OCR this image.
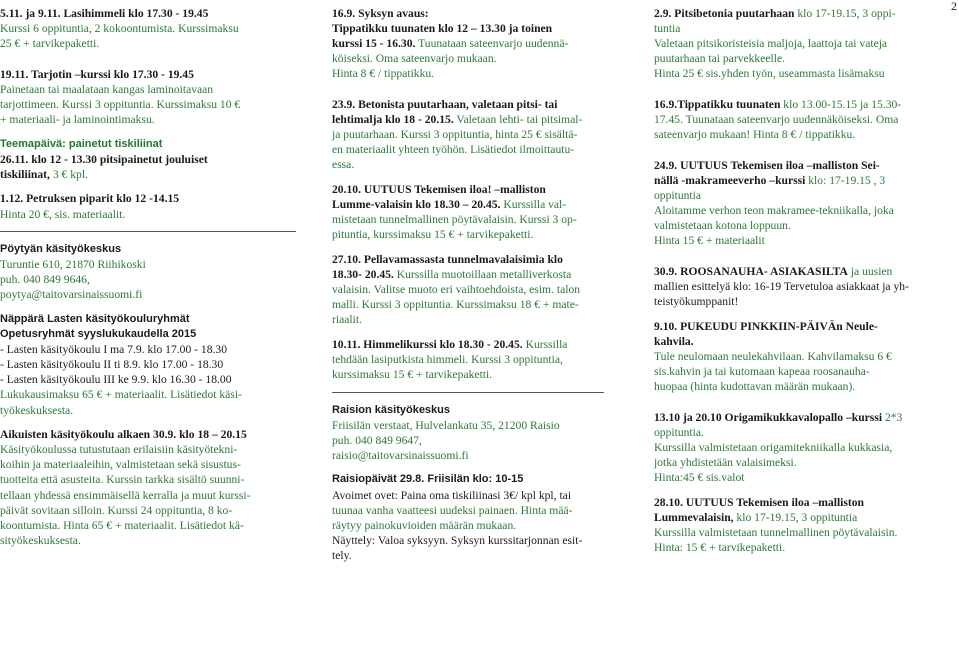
2

5.11. ja 9.11. Lasihimmeli klo 17.30 - 19.45

Kurssi 6 oppituntia, 2 kokoontumista. Kurssimaksu

25 € + tarvikepaketti.

19.11. Tarjotin –kurssi klo 17.30 - 19.45

Painetaan tai maalataan kangas laminoitavaan

tarjottimeen. Kurssi 3 oppituntia. Kurssimaksu 10 €

+ materiaali- ja laminointimaksu.

Teemapäivä: painetut tiskiliinat

26.11. klo 12 - 13.30 pitsipainetut jouluiset

tiskiliinat, 3 € kpl.

1.12. Petruksen piparit klo 12 -14.15

Hinta 20 €, sis. materiaalit.

Pöytyän käsityökeskus

Turuntie 610, 21870 Riihikoski

puh. 040 849 9646,

poytya@taitovarsinaissuomi.fi

Näppärä Lasten käsityökouluryhmät

Opetusryhmät syyslukukaudella 2015

- Lasten käsityökoulu I ma 7.9. klo 17.00 - 18.30

- Lasten käsityökoulu II ti 8.9. klo 17.00 - 18.30

- Lasten käsityökoulu III ke 9.9. klo 16.30 - 18.00

Lukukausimaksu 65 € + materiaalit. Lisätiedot käsi-

työkeskuksesta.

Aikuisten käsityökoulu alkaen 30.9. klo 18 – 20.15

Käsityökoulussa tutustutaan erilaisiin käsityötekni-

koihin ja materiaaleihin, valmistetaan sekä sisustus-

tuotteita että asusteita. Kurssin tarkka sisältö suunni-

tellaan yhdessä ensimmäisellä kerralla ja muut kurssi-

päivät sovitaan silloin. Kurssi 24 oppituntia, 8 ko-

koontumista. Hinta 65 € + materiaalit. Lisätiedot kä-

sityökeskuksesta.

16.9. Syksyn avaus:

Tippatikku tuunaten klo 12 – 13.30 ja toinen

kurssi 15 - 16.30. Tuunataan sateenvarjo uudennä-

köiseksi. Oma sateenvarjo mukaan.

Hinta 8 € / tippatikku.

23.9. Betonista puutarhaan, valetaan pitsi- tai

lehtimalja klo 18 - 20.15. Valetaan lehti- tai pitsimal-

ja puutarhaan. Kurssi 3 oppituntia, hinta 25 € sisältä-

en materiaalit yhteen työhön. Lisätiedot ilmoittautu-

essa.

20.10. UUTUUS Tekemisen iloa! –malliston

Lumme-valaisin klo 18.30 – 20.45. Kurssilla val-

mistetaan tunnelmallinen pöytävalaisin. Kurssi 3 op-

pituntia, kurssimaksu 15 € + tarvikepaketti.

27.10. Pellavamassasta tunnelmavalaisimia klo

18.30- 20.45. Kurssilla muotoillaan metalliverkosta

valaisin. Valitse muoto eri vaihtoehdoista, esim. talon

malli. Kurssi 3 oppituntia. Kurssimaksu 18 € + mate-

riaalit.

10.11. Himmelikurssi klo 18.30 - 20.45. Kurssilla

tehdään lasiputkista himmeli. Kurssi 3 oppituntia,

kurssimaksu 15 € + tarvikepaketti.

Raision käsityökeskus

Friisilän verstaat, Hulvelankatu 35, 21200 Raisio

puh. 040 849 9647,

raisio@taitovarsinaissuomi.fi

Raisiopäivät 29.8. Friisilän klo: 10-15

Avoimet ovet: Paina oma tiskiliinasi 3€/ kpl kpl, tai

tuunaa vanha vaatteesi uudeksi painaen. Hinta mää-

räytyy painokuvioiden määrän mukaan.

Näyttely: Valoa syksyyn. Syksyn kurssitarjonnan esit-

tely.

2.9. Pitsibetonia puutarhaan klo 17-19.15, 3 oppi-

tuntia

Valetaan pitsikoristeisia maljoja, laattoja tai vateja

puutarhaan tai parvekkeelle.

Hinta 25 € sis.yhden työn, useammasta lisämaksu

16.9.Tippatikku tuunaten klo 13.00-15.15 ja 15.30-

17.45. Tuunataan sateenvarjo uudennäköiseksi. Oma

sateenvarjo mukaan! Hinta 8 € / tippatikku.

24.9. UUTUUS Tekemisen iloa –malliston Sei-

nällä -makrameeverho –kurssi klo: 17-19.15 , 3

oppituntia

Aloitamme verhon teon makramee-tekniikalla, joka

valmistetaan kotona loppuun.

Hinta 15 € + materiaalit

30.9. ROOSANAUHA- ASIAKASILTA ja uusien

mallien esittelyä klo: 16-19 Tervetuloa asiakkaat ja yh-

teistyökumppanit!

9.10. PUKEUDU PINKKIIN-PÄIVÄn Neule-

kahvila.

Tule neulomaan neulekahvilaan. Kahvilamaksu 6 €

sis.kahvin ja tai kutomaan kapeaa roosanauha-

huopaa (hinta kudottavan määrän mukaan).

13.10 ja 20.10 Origamikukkavalopallo –kurssi 2*3

oppituntia.

Kurssilla valmistetaan origamitekniikalla kukkasia,

jotka yhdistetään valaisimeksi.

Hinta:45 € sis.valot

28.10. UUTUUS Tekemisen iloa –malliston

Lummevalaisin, klo 17-19.15, 3 oppituntia

Kurssilla valmistetaan tunnelmallinen pöytävalaisin.

Hinta: 15 € + tarvikepaketti.
